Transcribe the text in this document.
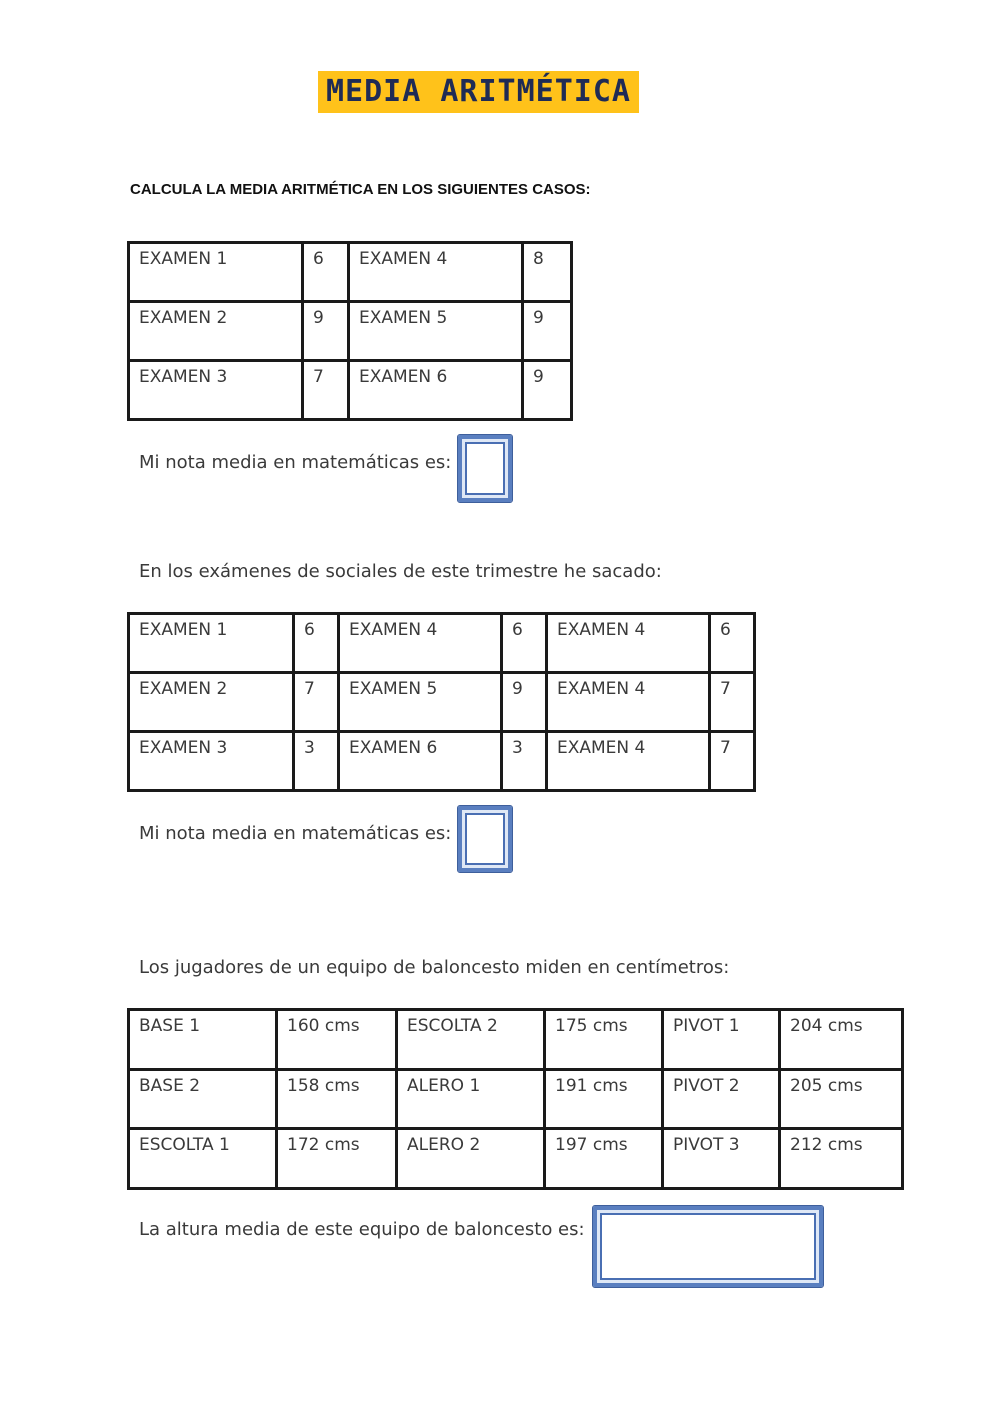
MEDIA ARITMÉTICA
CALCULA LA MEDIA ARITMÉTICA EN LOS SIGUIENTES CASOS:
EXAMEN 1	6	EXAMEN 4	8
EXAMEN 2	9	EXAMEN 5	9
EXAMEN 3	7	EXAMEN 6	9
Mi nota media en matemáticas es:
En los exámenes de sociales de este trimestre he sacado:
EXAMEN 1	6	EXAMEN 4	6	EXAMEN 4	6
EXAMEN 2	7	EXAMEN 5	9	EXAMEN 4	7
EXAMEN 3	3	EXAMEN 6	3	EXAMEN 4	7
Mi nota media en matemáticas es:
Los jugadores de un equipo de baloncesto miden en centímetros:
BASE 1	160 cms	ESCOLTA 2	175 cms	PIVOT 1	204 cms
BASE 2	158 cms	ALERO 1	191 cms	PIVOT 2	205 cms
ESCOLTA 1	172 cms	ALERO 2	197 cms	PIVOT 3	212 cms
La altura media de este equipo de baloncesto es:
